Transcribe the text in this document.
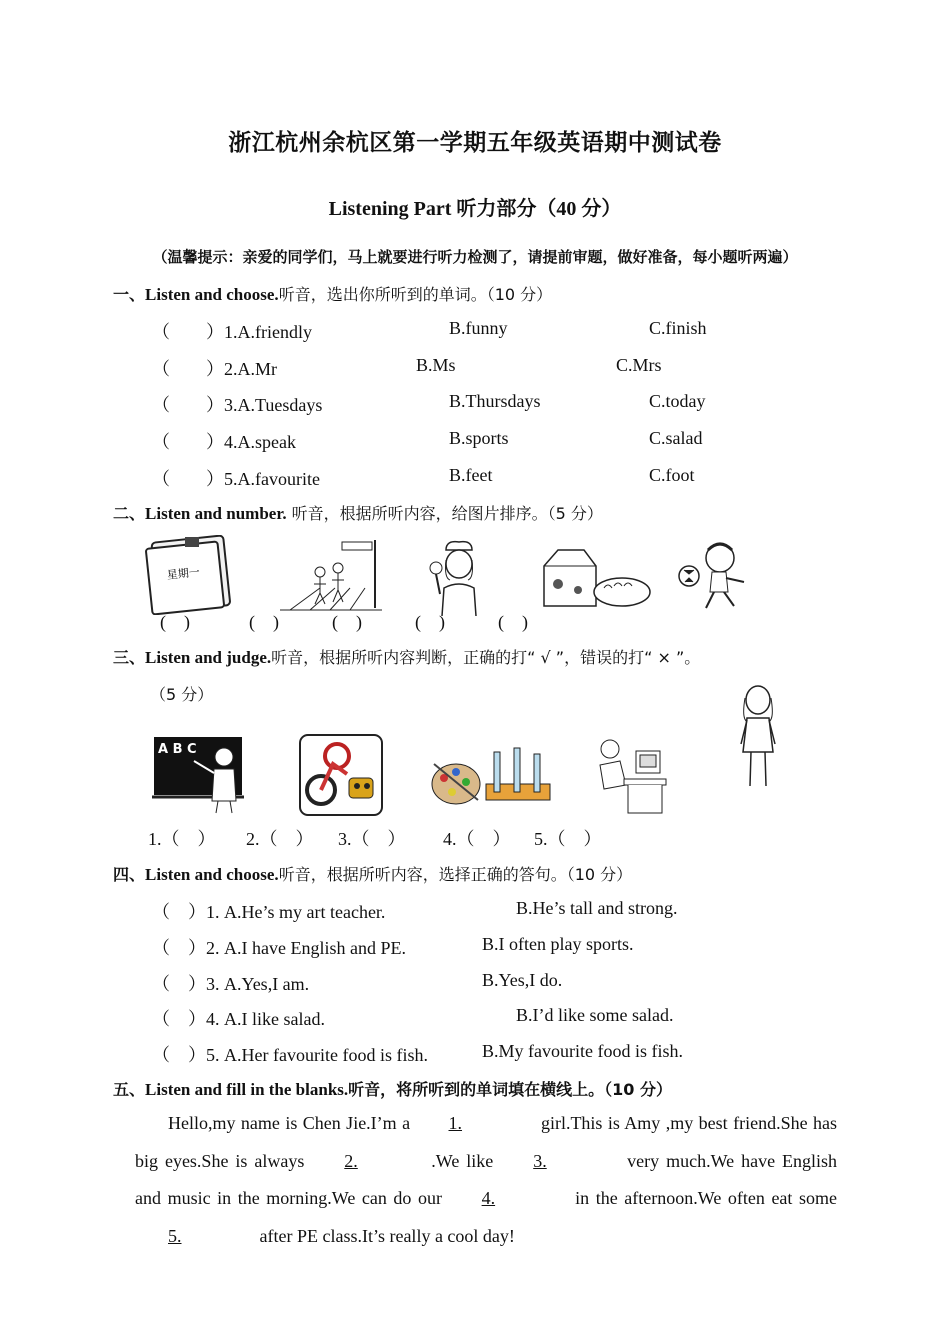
浙江杭州余杭区第一学期五年级英语期中测试卷
Listening Part 听力部分（40 分）
（温馨提示：亲爱的同学们，马上就要进行听力检测了，请提前审题，做好准备，每小题听两遍）
一、Listen and choose.听音，选出你所听到的单词。（10 分）
（　　）1.A.friendly	B.funny	C.finish
（　　）2.A.Mr	B.Ms	C.Mrs
（　　）3.A.Tuesdays	B.Thursdays	C.today
（　　）4.A.speak	B.sports	C.salad
（　　）5.A.favourite	B.feet	C.foot
二、Listen and number. 听音，根据所听内容，给图片排序。（5 分）
星期一
(　)	(　)	(　)	(　)	(　)
三、Listen and judge.听音，根据所听内容判断，正确的打“ √ ”，错误的打“ × ”。
（5 分）
A B C
1.（　） 2.（　） 3.（　） 4.（　） 5.（　）
四、Listen and choose.听音，根据所听内容，选择正确的答句。（10 分）
（　）1. A.He’s my art teacher.	B.He’s tall and strong.
（　）2. A.I have English and PE.	B.I often play sports.
（　）3. A.Yes,I am.	B.Yes,I do.
（　）4. A.I like salad.	B.I’d like some salad.
（　）5. A.Her favourite food is fish.	B.My favourite food is fish.
五、Listen and fill in the blanks.听音，将所听到的单词填在横线上。（10 分）
Hello,my name is Chen Jie.I’m a 1.	girl.This is Amy ,my best friend.She has big eyes.She is always 2.	.We like 3.	very much.We have English and music in the morning.We can do our 4.	in the afternoon.We often eat some 5.	after PE class.It’s really a cool day!
